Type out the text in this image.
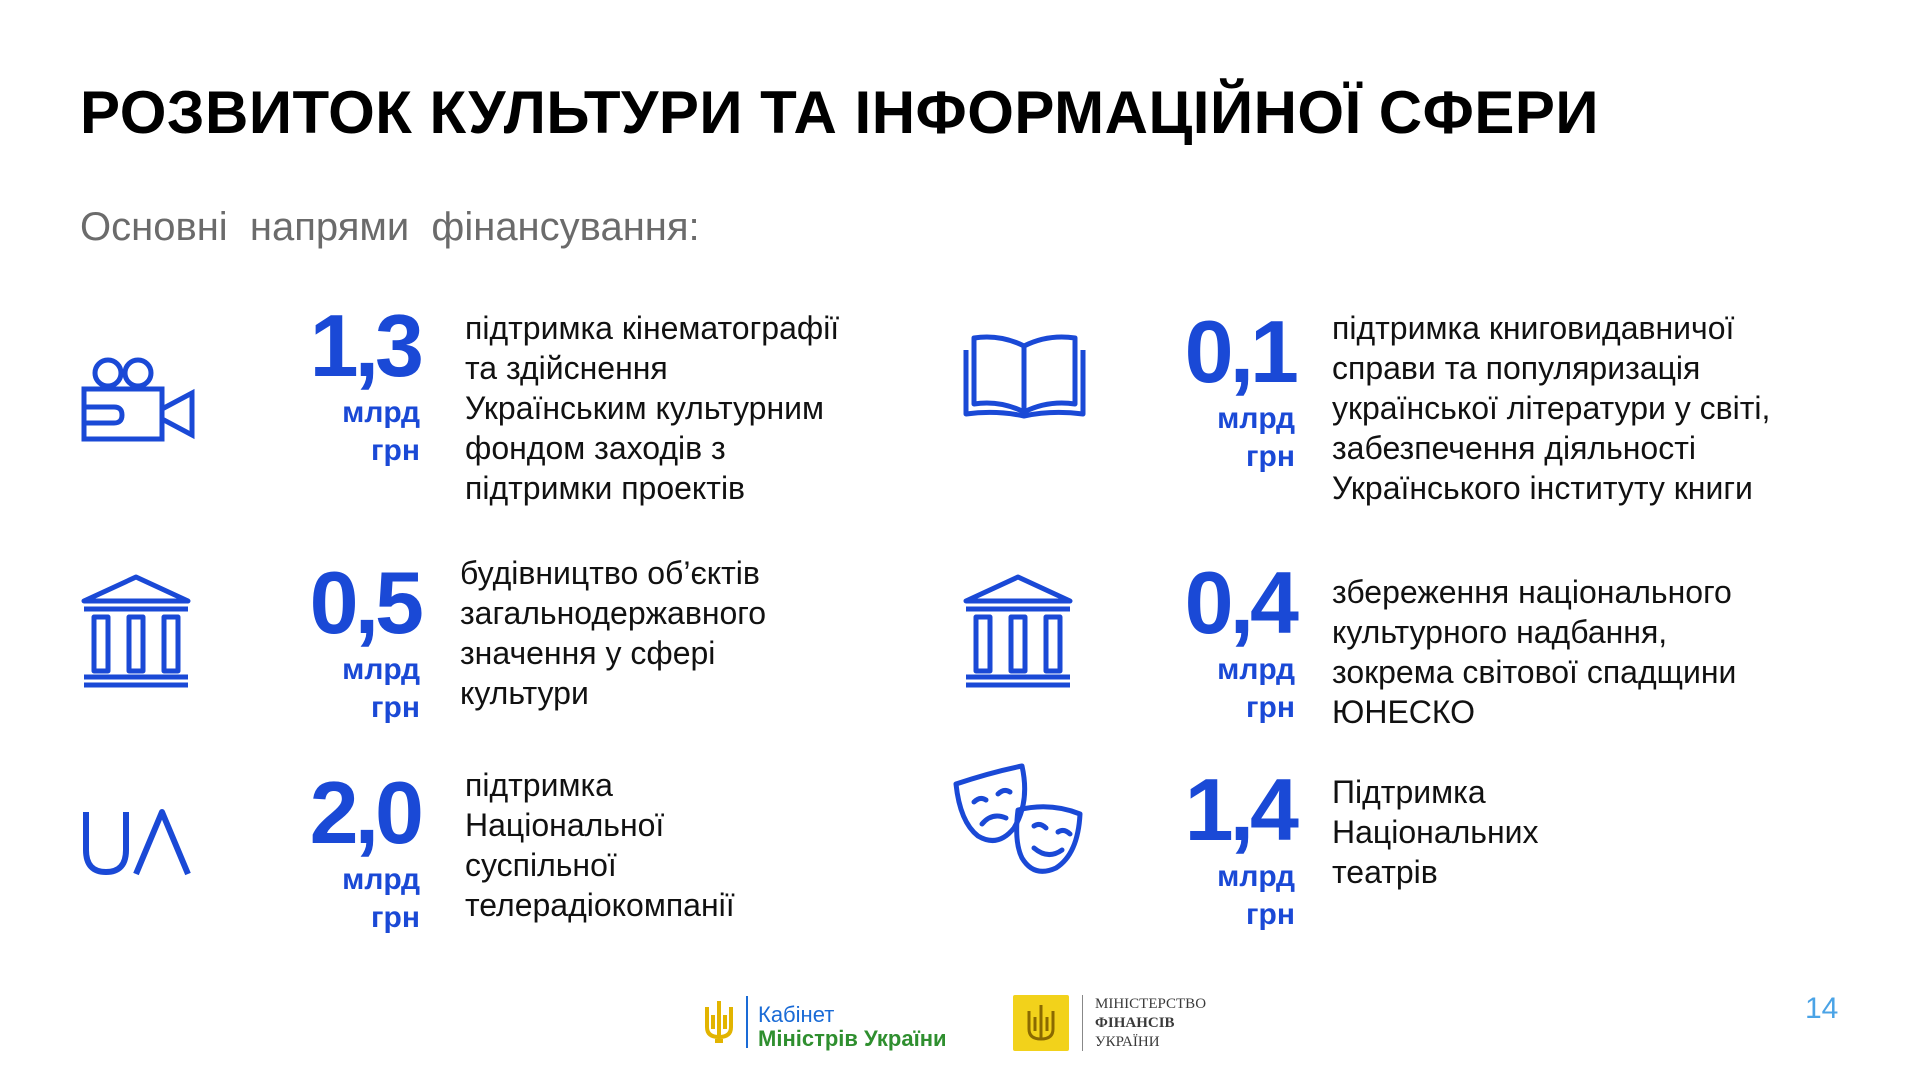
РОЗВИТОК КУЛЬТУРИ ТА ІНФОРМАЦІЙНОЇ СФЕРИ
Основні  напрями  фінансування:
1,3
млрд
грн
підтримка кінематографії
та здійснення
Українським культурним
фондом заходів з
підтримки проектів
0,1
млрд
грн
підтримка книговидавничої
справи та популяризація
української літератури у світі,
забезпечення діяльності
Українського інституту книги
0,5
млрд
грн
будівництво об’єктів
загальнодержавного
значення у сфері
культури
0,4
млрд
грн
збереження національного
культурного надбання,
зокрема світової спадщини
ЮНЕСКО
2,0
млрд
грн
підтримка
Національної
суспільної
телерадіокомпанії
1,4
млрд
грн
Підтримка
Національних
театрів
Кабінет
Міністрів України
МІНІСТЕРСТВО
ФІНАНСІВ
УКРАЇНИ
14
